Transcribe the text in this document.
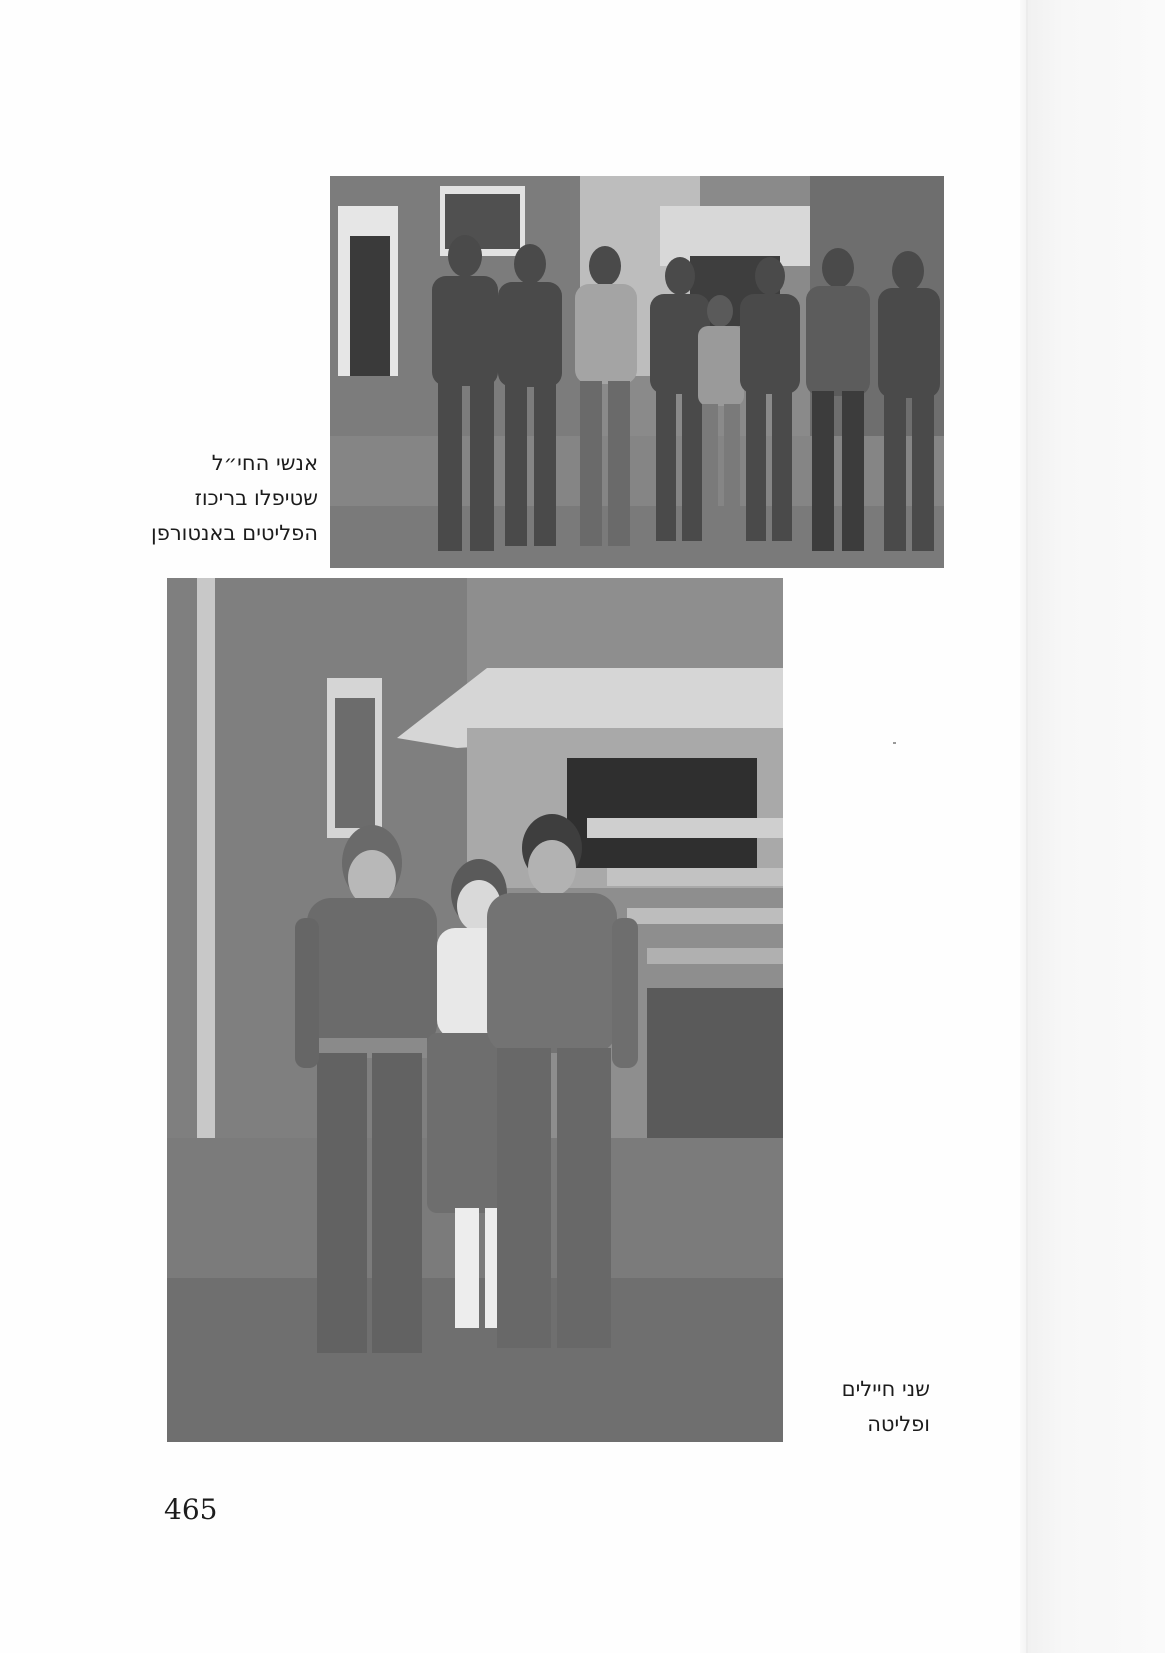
אנשי החי״ל
שטיפלו בריכוז
הפליטים באנטורפן
שני חיילים
ופליטה
465
